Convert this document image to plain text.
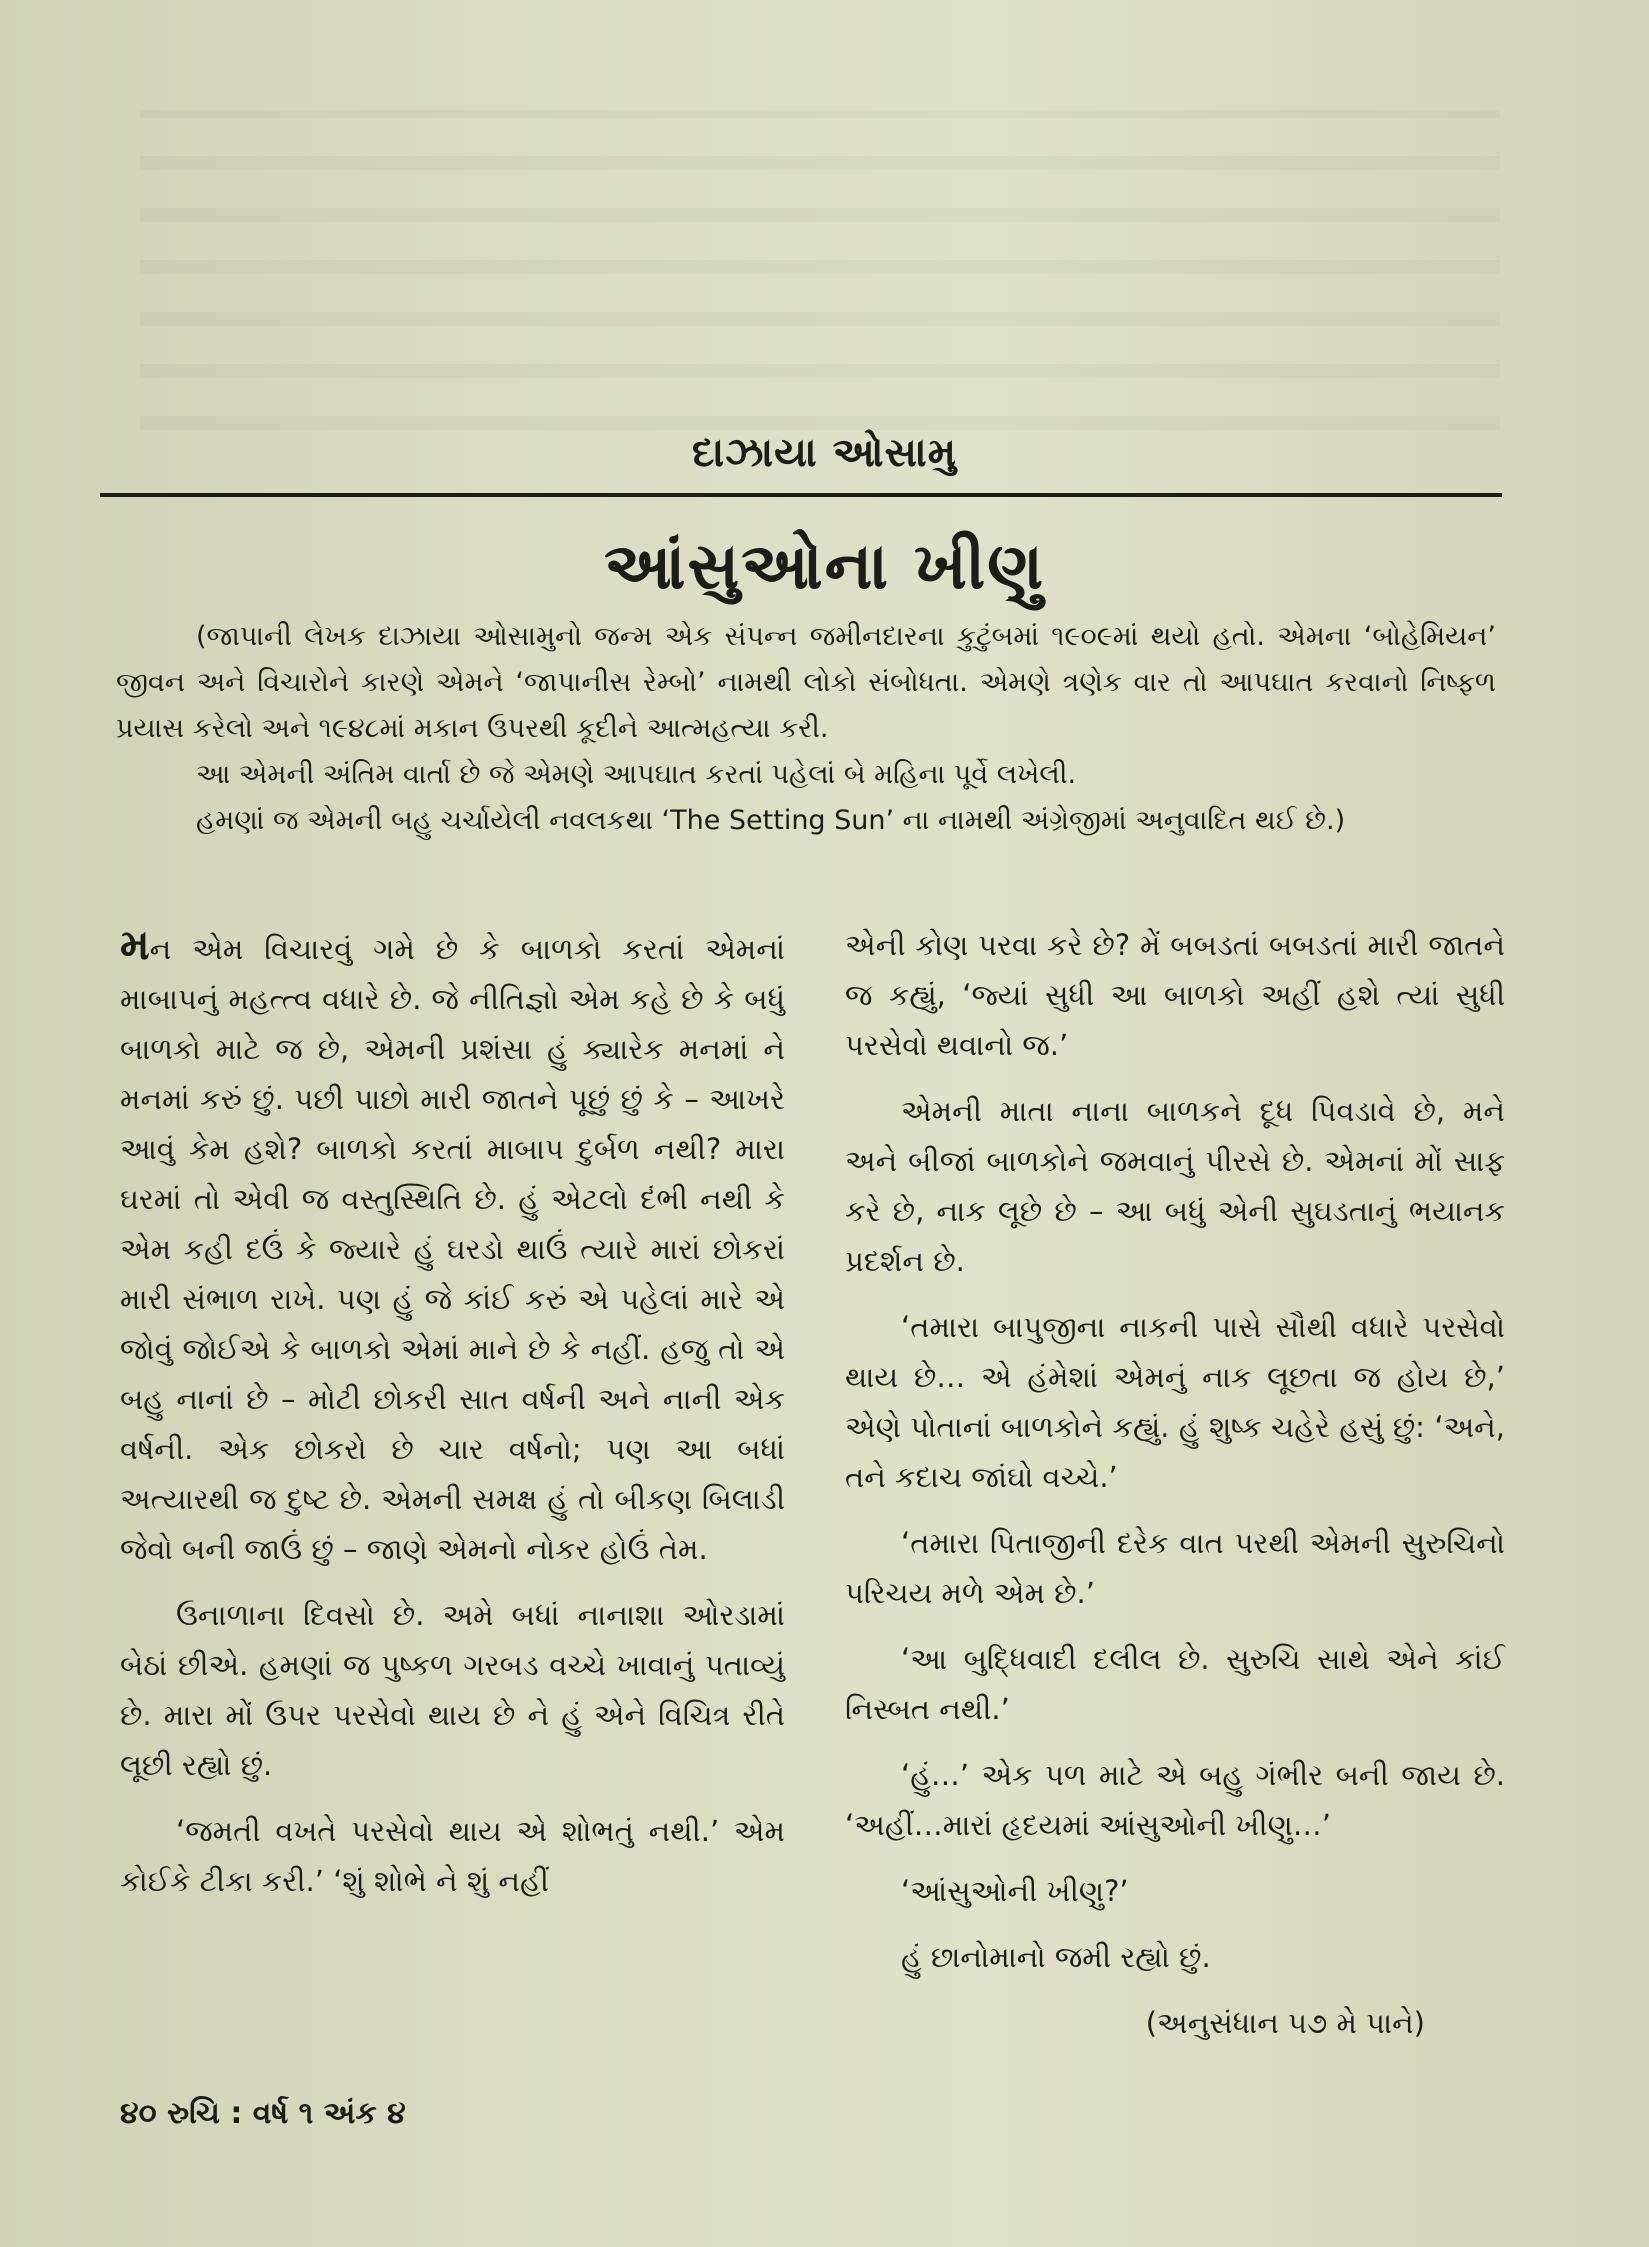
દાઝાયા ઓસામુ
આંસુઓના ખીણુ

(જાપાની લેખક દાઝાયા ઓસામુનો જન્મ એક સંપન્ન જમીનદારના કુટુંબમાં ૧૯૦૯માં થયો હતો. એમના ‘બોહેમિયન’ જીવન અને વિચારોને કારણે એમને ‘જાપાનીસ રેમ્બો’ નામથી લોકો સંબોધતા. એમણે ત્રણેક વાર તો આપઘાત કરવાનો નિષ્ફળ પ્રયાસ કરેલો અને ૧૯૪૮માં મકાન ઉપરથી કૂદીને આત્મહત્યા કરી.

આ એમની અંતિમ વાર્તા છે જે એમણે આપઘાત કરતાં પહેલાં બે મહિના પૂર્વે લખેલી.

હમણાં જ એમની બહુ ચર્ચાયેલી નવલકથા ‘The Setting Sun’ ના નામથી અંગ્રેજીમાં અનુવાદિત થઈ છે.)

મન એમ વિચારવું ગમે છે કે બાળકો કરતાં એમનાં માબાપનું મહત્ત્વ વધારે છે. જે નીતિજ્ઞો એમ કહે છે કે બધું બાળકો માટે જ છે, એમની પ્રશંસા હું ક્યારેક મનમાં ને મનમાં કરું છું. પછી પાછો મારી જાતને પૂછું છું કે – આખરે આવું કેમ હશે? બાળકો કરતાં માબાપ દુર્બળ નથી? મારા ઘરમાં તો એવી જ વસ્તુસ્થિતિ છે. હું એટલો દંભી નથી કે એમ કહી દઉં કે જ્યારે હું ઘરડો થાઉં ત્યારે મારાં છોકરાં મારી સંભાળ રાખે. પણ હું જે કાંઈ કરું એ પહેલાં મારે એ જોવું જોઈએ કે બાળકો એમાં માને છે કે નહીં. હજુ તો એ બહુ નાનાં છે – મોટી છોકરી સાત વર્ષની અને નાની એક વર્ષની. એક છોકરો છે ચાર વર્ષનો; પણ આ બધાં અત્યારથી જ દુષ્ટ છે. એમની સમક્ષ હું તો બીકણ બિલાડી જેવો બની જાઉં છું – જાણે એમનો નોકર હોઉં તેમ.

ઉનાળાના દિવસો છે. અમે બધાં નાનાશા ઓરડામાં બેઠાં છીએ. હમણાં જ પુષ્કળ ગરબડ વચ્ચે ખાવાનું પતાવ્યું છે. મારા મોં ઉપર પરસેવો થાય છે ને હું એને વિચિત્ર રીતે લૂછી રહ્યો છું.

‘જમતી વખતે પરસેવો થાય એ શોભતું નથી.’ એમ કોઈકે ટીકા કરી.’ ‘શું શોભે ને શું નહીં

એની કોણ પરવા કરે છે? મેં બબડતાં બબડતાં મારી જાતને જ કહ્યું, ‘જ્યાં સુધી આ બાળકો અહીં હશે ત્યાં સુધી પરસેવો થવાનો જ.’

એમની માતા નાના બાળકને દૂધ પિવડાવે છે, મને અને બીજાં બાળકોને જમવાનું પીરસે છે. એમનાં મોં સાફ કરે છે, નાક લૂછે છે – આ બધું એની સુઘડતાનું ભયાનક પ્રદર્શન છે.

‘તમારા બાપુજીના નાકની પાસે સૌથી વધારે પરસેવો થાય છે… એ હંમેશાં એમનું નાક લૂછતા જ હોય છે,’ એણે પોતાનાં બાળકોને કહ્યું. હું શુષ્ક ચહેરે હસું છું: ‘અને, તને કદાચ જાંઘો વચ્ચે.’

‘તમારા પિતાજીની દરેક વાત પરથી એમની સુરુચિનો પરિચય મળે એમ છે.’

‘આ બુદ્ધિવાદી દલીલ છે. સુરુચિ સાથે એને કાંઈ નિસ્બત નથી.’

‘હું…’ એક પળ માટે એ બહુ ગંભીર બની જાય છે. ‘અહીં…મારાં હૃદયમાં આંસુઓની ખીણુ…’

‘આંસુઓની ખીણુ?’

હું છાનોમાનો જમી રહ્યો છું.

(અનુસંધાન ૫૭ મે પાને)

૪૦ રુચિ : વર્ષ ૧ અંક ૪
